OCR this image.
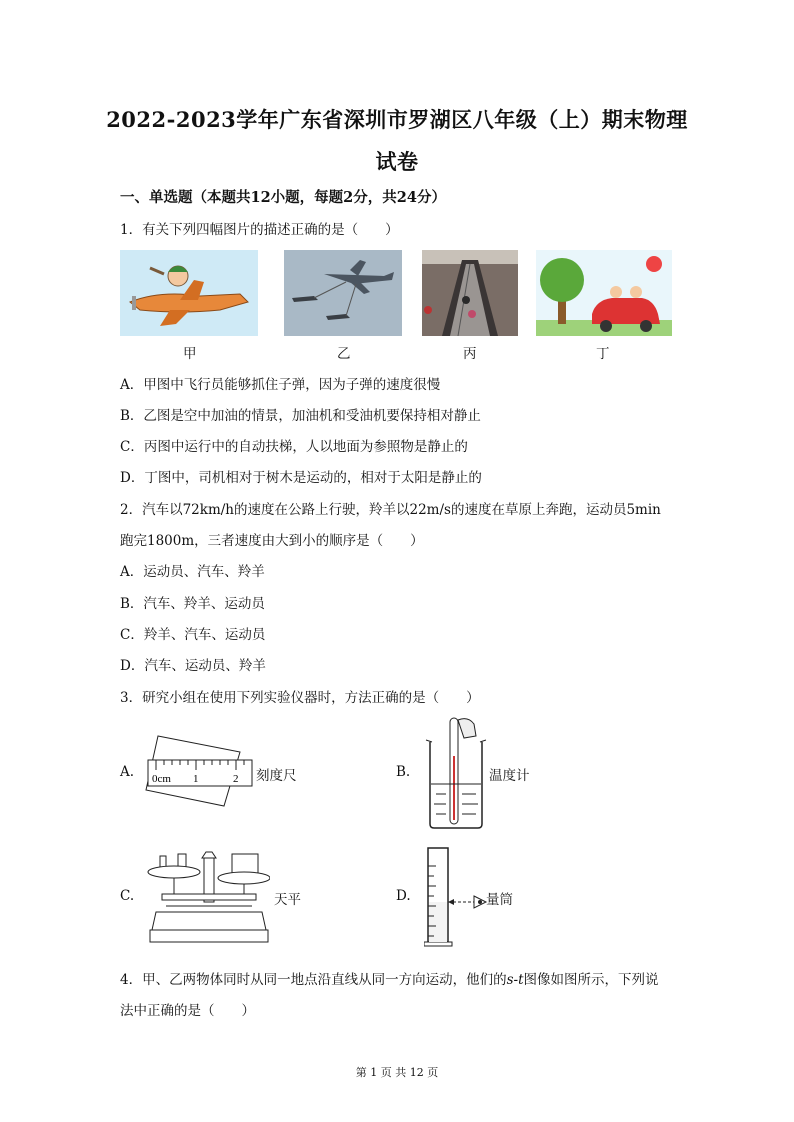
2022-2023学年广东省深圳市罗湖区八年级（上）期末物理
试卷
一、单选题（本题共12小题，每题2分，共24分）
1．有关下列四幅图片的描述正确的是（　　）
甲	乙	丙	丁
A．甲图中飞行员能够抓住子弹，因为子弹的速度很慢
B．乙图是空中加油的情景，加油机和受油机要保持相对静止
C．丙图中运行中的自动扶梯，人以地面为参照物是静止的
D．丁图中，司机相对于树木是运动的，相对于太阳是静止的
2．汽车以72km/h的速度在公路上行驶，羚羊以22m/s的速度在草原上奔跑，运动员5min
跑完1800m，三者速度由大到小的顺序是（　　）
A．运动员、汽车、羚羊
B．汽车、羚羊、运动员
C．羚羊、汽车、运动员
D．汽车、运动员、羚羊
3．研究小组在使用下列实验仪器时，方法正确的是（　　）
A. 0cm 1	2 刻度尺	B.	温度计
C.	天平	D.	量筒
4．甲、乙两物体同时从同一地点沿直线从同一方向运动，他们的s-t图像如图所示，下列说
法中正确的是（　　）
第 1 页 共 12 页
